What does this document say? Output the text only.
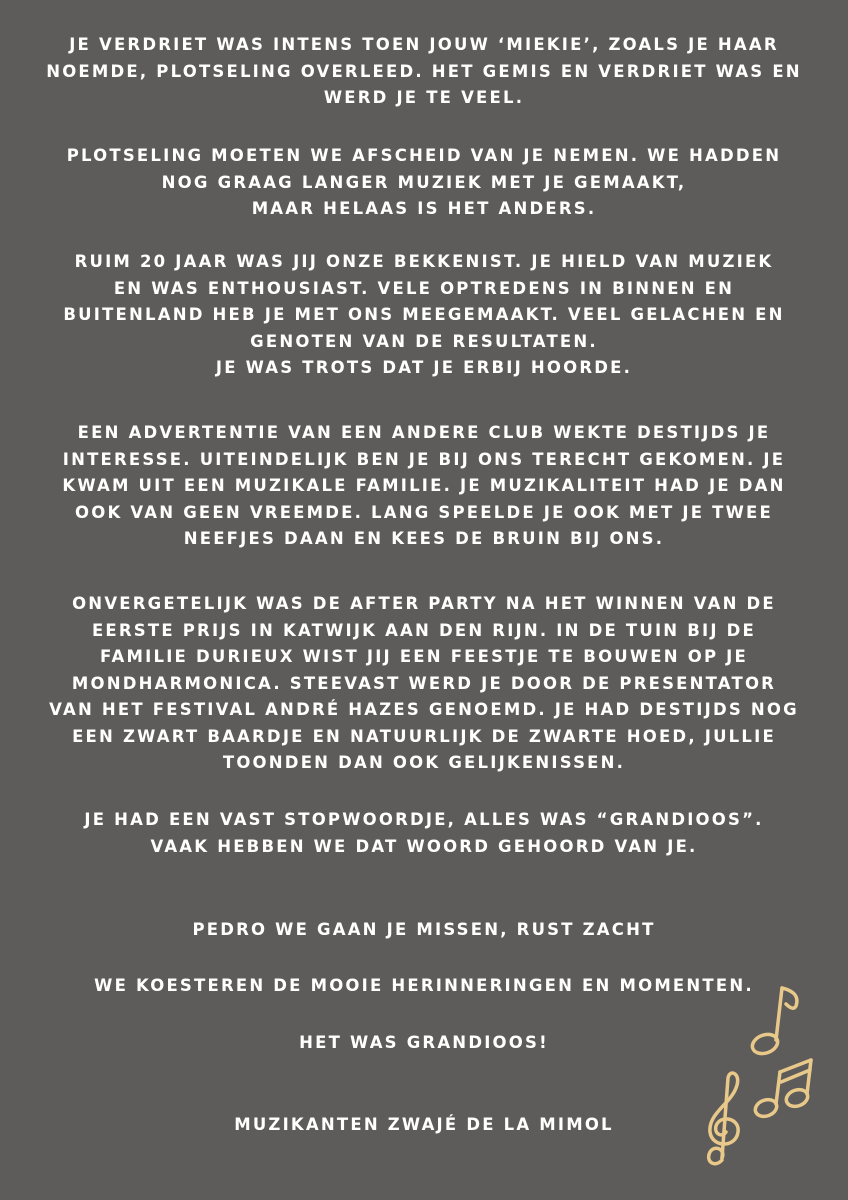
JE VERDRIET WAS INTENS TOEN JOUW ‘MIEKIE’, ZOALS JE HAAR
NOEMDE, PLOTSELING OVERLEED. HET GEMIS EN VERDRIET WAS EN
WERD JE TE VEEL.
PLOTSELING MOETEN WE AFSCHEID VAN JE NEMEN. WE HADDEN
NOG GRAAG LANGER MUZIEK MET JE GEMAAKT,
MAAR HELAAS IS HET ANDERS.
RUIM 20 JAAR WAS JIJ ONZE BEKKENIST. JE HIELD VAN MUZIEK
EN WAS ENTHOUSIAST. VELE OPTREDENS IN BINNEN EN
BUITENLAND HEB JE MET ONS MEEGEMAAKT. VEEL GELACHEN EN
GENOTEN VAN DE RESULTATEN.
JE WAS TROTS DAT JE ERBIJ HOORDE.
EEN ADVERTENTIE VAN EEN ANDERE CLUB WEKTE DESTIJDS JE
INTERESSE. UITEINDELIJK BEN JE BIJ ONS TERECHT GEKOMEN. JE
KWAM UIT EEN MUZIKALE FAMILIE. JE MUZIKALITEIT HAD JE DAN
OOK VAN GEEN VREEMDE. LANG SPEELDE JE OOK MET JE TWEE
NEEFJES DAAN EN KEES DE BRUIN BIJ ONS.
ONVERGETELIJK WAS DE AFTER PARTY NA HET WINNEN VAN DE
EERSTE PRIJS IN KATWIJK AAN DEN RIJN. IN DE TUIN BIJ DE
FAMILIE DURIEUX WIST JIJ EEN FEESTJE TE BOUWEN OP JE
MONDHARMONICA. STEEVAST WERD JE DOOR DE PRESENTATOR
VAN HET FESTIVAL ANDRÉ HAZES GENOEMD. JE HAD DESTIJDS NOG
EEN ZWART BAARDJE EN NATUURLIJK DE ZWARTE HOED, JULLIE
TOONDEN DAN OOK GELIJKENISSEN.
JE HAD EEN VAST STOPWOORDJE, ALLES WAS “GRANDIOOS”.
VAAK HEBBEN WE DAT WOORD GEHOORD VAN JE.
PEDRO WE GAAN JE MISSEN, RUST ZACHT
WE KOESTEREN DE MOOIE HERINNERINGEN EN MOMENTEN.
HET WAS GRANDIOOS!
MUZIKANTEN ZWAJÉ DE LA MIMOL
